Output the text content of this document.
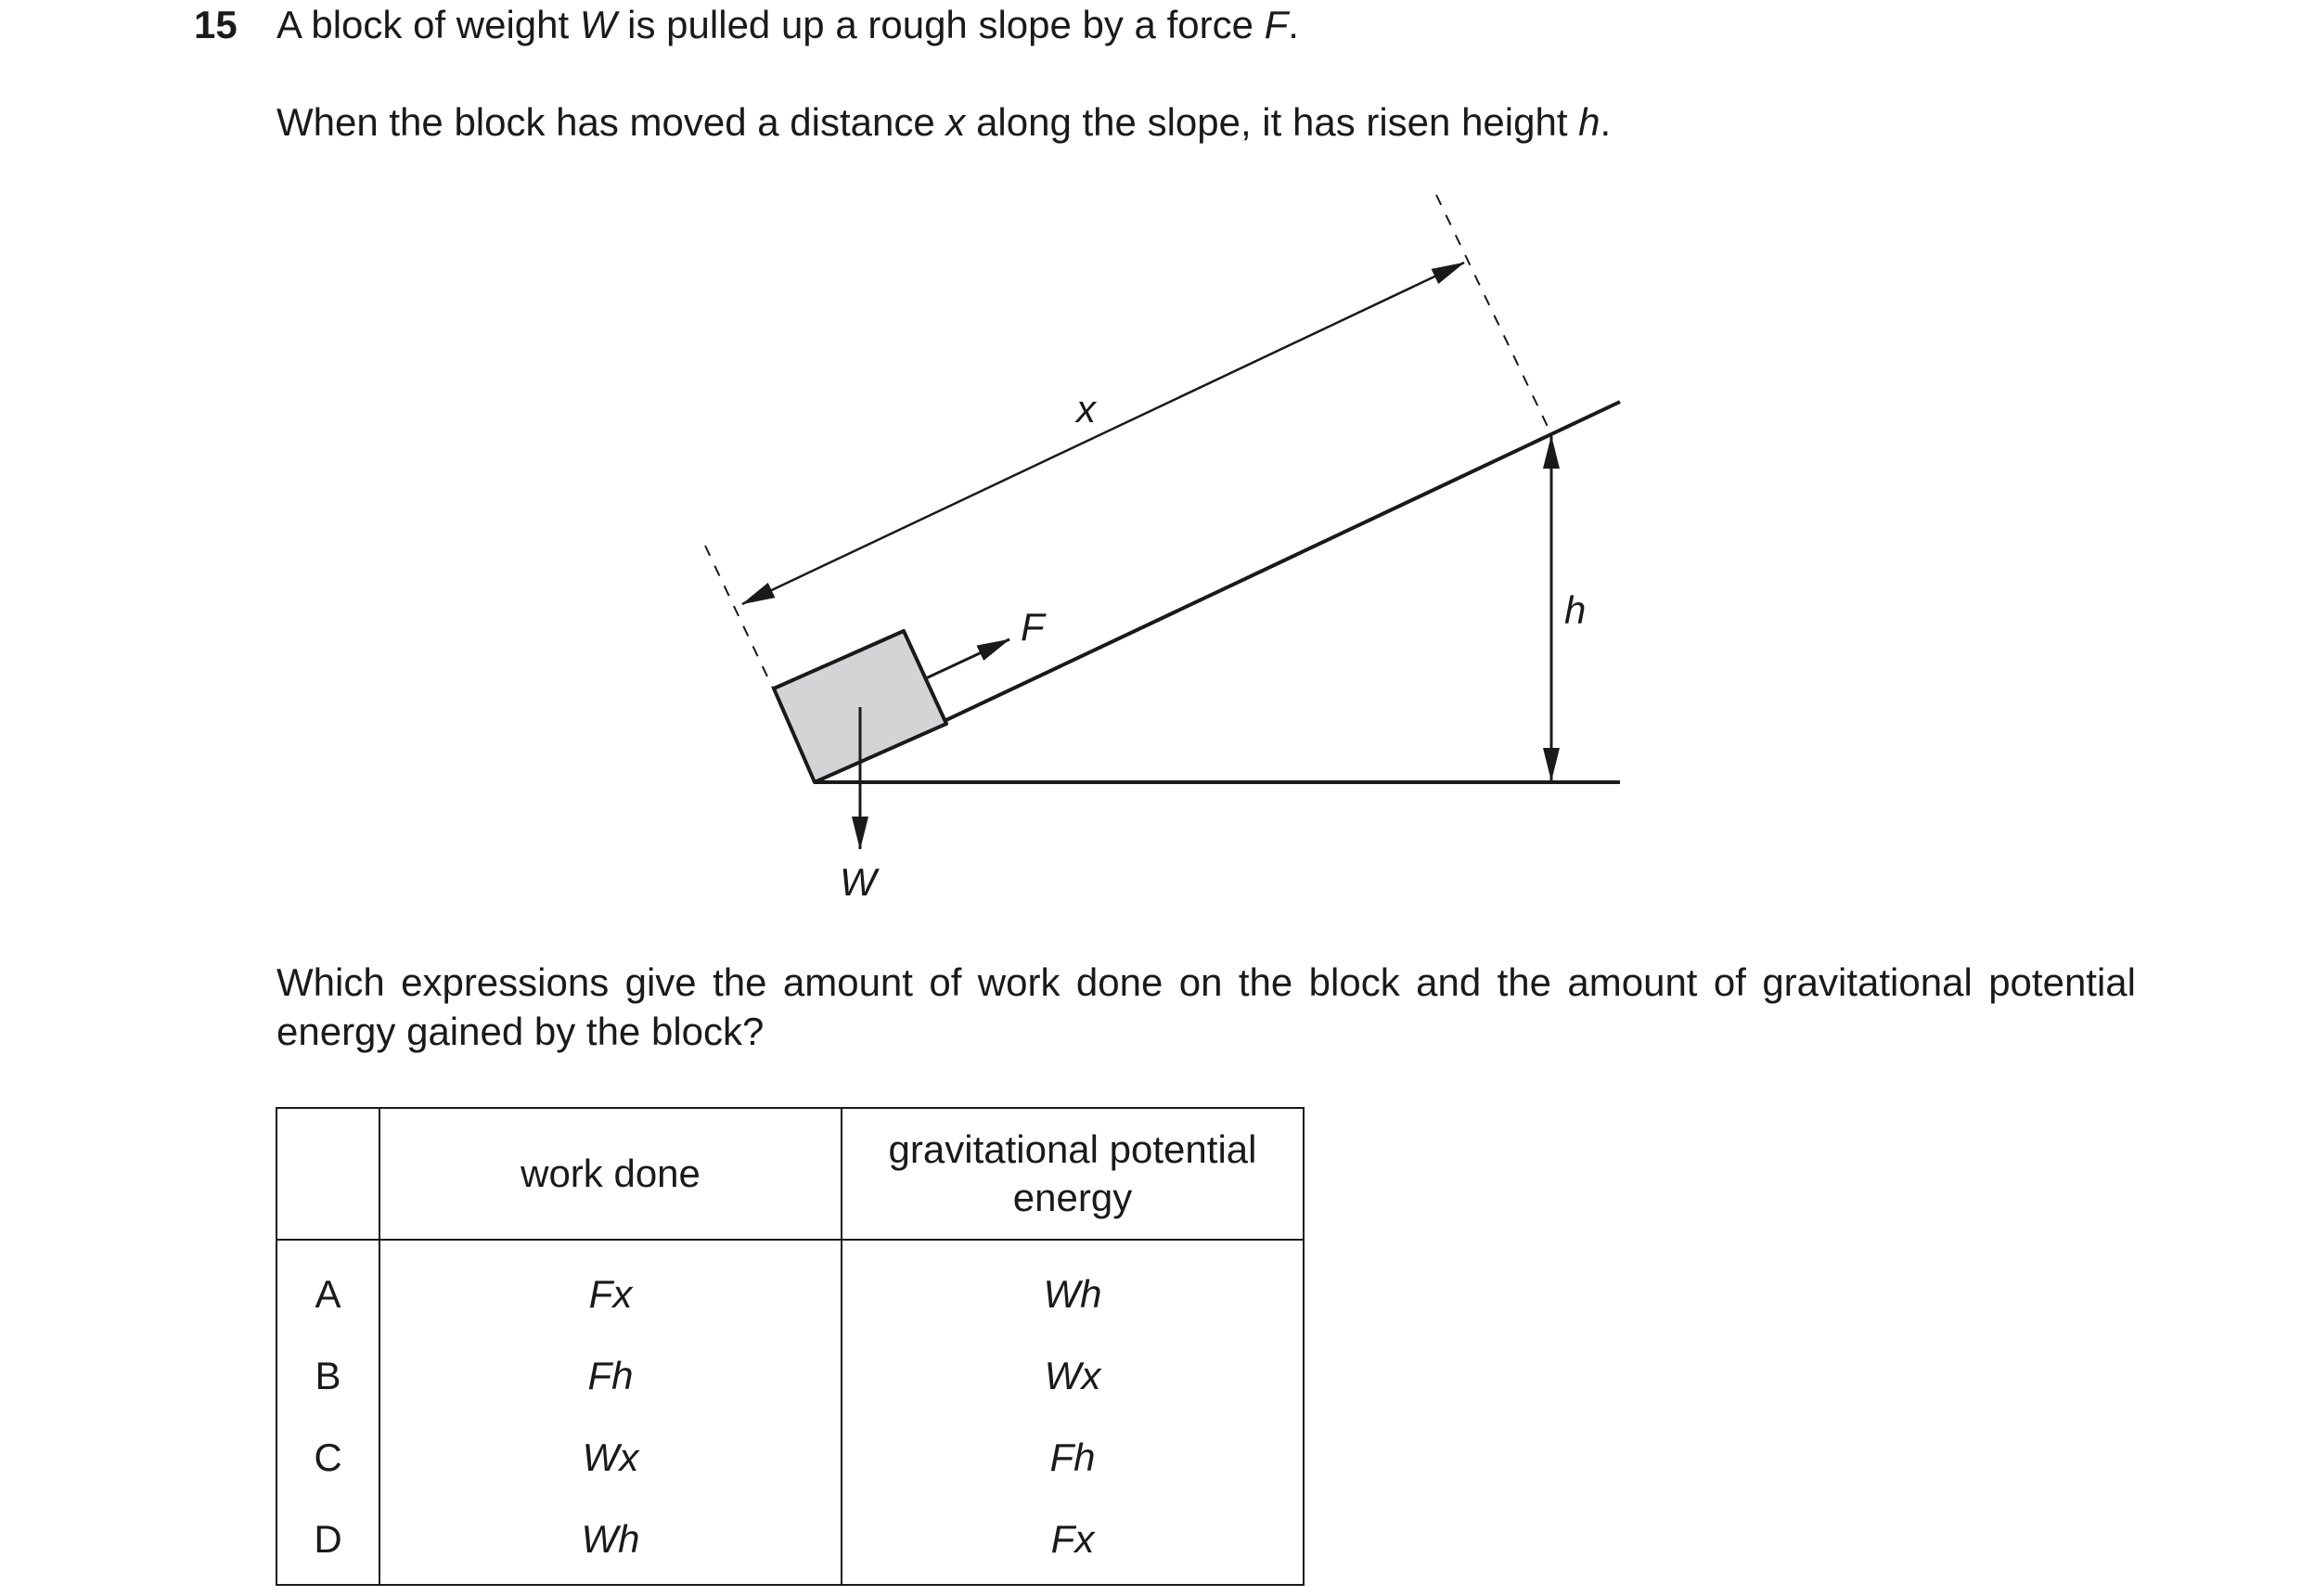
15 A block of weight W is pulled up a rough slope by a force F.
When the block has moved a distance x along the slope, it has risen height h.
x
h
F
W
Which expressions give the amount of work done on the block and the amount of gravitational potential energy gained by the block?
	work done	gravitational potential
energy
A	Fx	Wh
B	Fh	Wx
C	Wx	Fh
D	Wh	Fx
